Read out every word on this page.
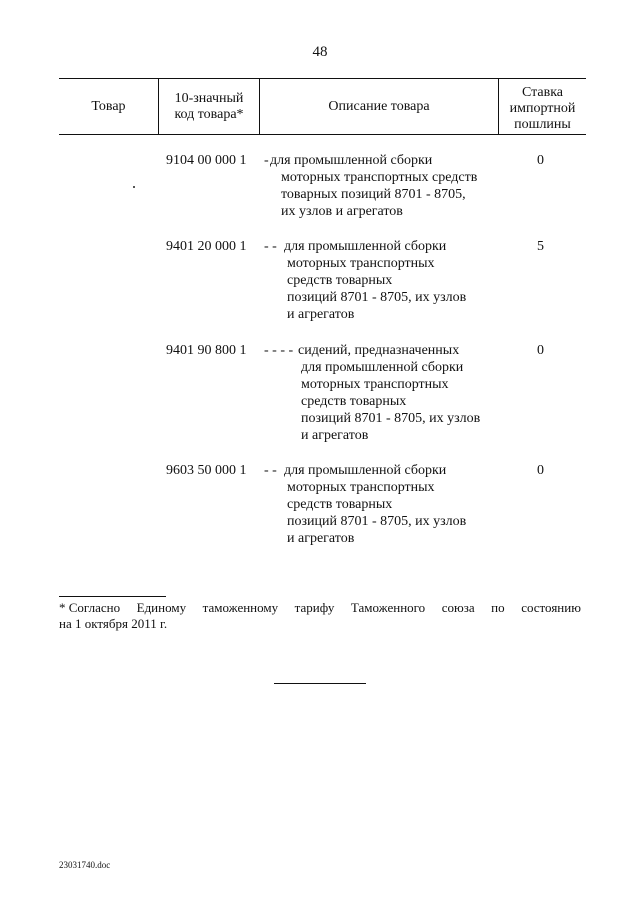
48
Товар
10-значный
код товара*
Описание товара
Ставка
импортной
пошлины
9104 00 000 1 - для промышленной сборки
моторных транспортных средств
товарных позиций 8701 - 8705,
их узлов и агрегатов
0
9401 20 000 1 - - для промышленной сборки
моторных транспортных
средств товарных
позиций 8701 - 8705, их узлов
и агрегатов
5
9401 90 800 1 - - - - сидений, предназначенных
для промышленной сборки
моторных транспортных
средств товарных
позиций 8701 - 8705, их узлов
и агрегатов
0
9603 50 000 1 - - для промышленной сборки
моторных транспортных
средств товарных
позиций 8701 - 8705, их узлов
и агрегатов
0
* Согласно Единому таможенному тарифу Таможенного союза по состоянию
на 1 октября 2011 г.
23031740.doc
